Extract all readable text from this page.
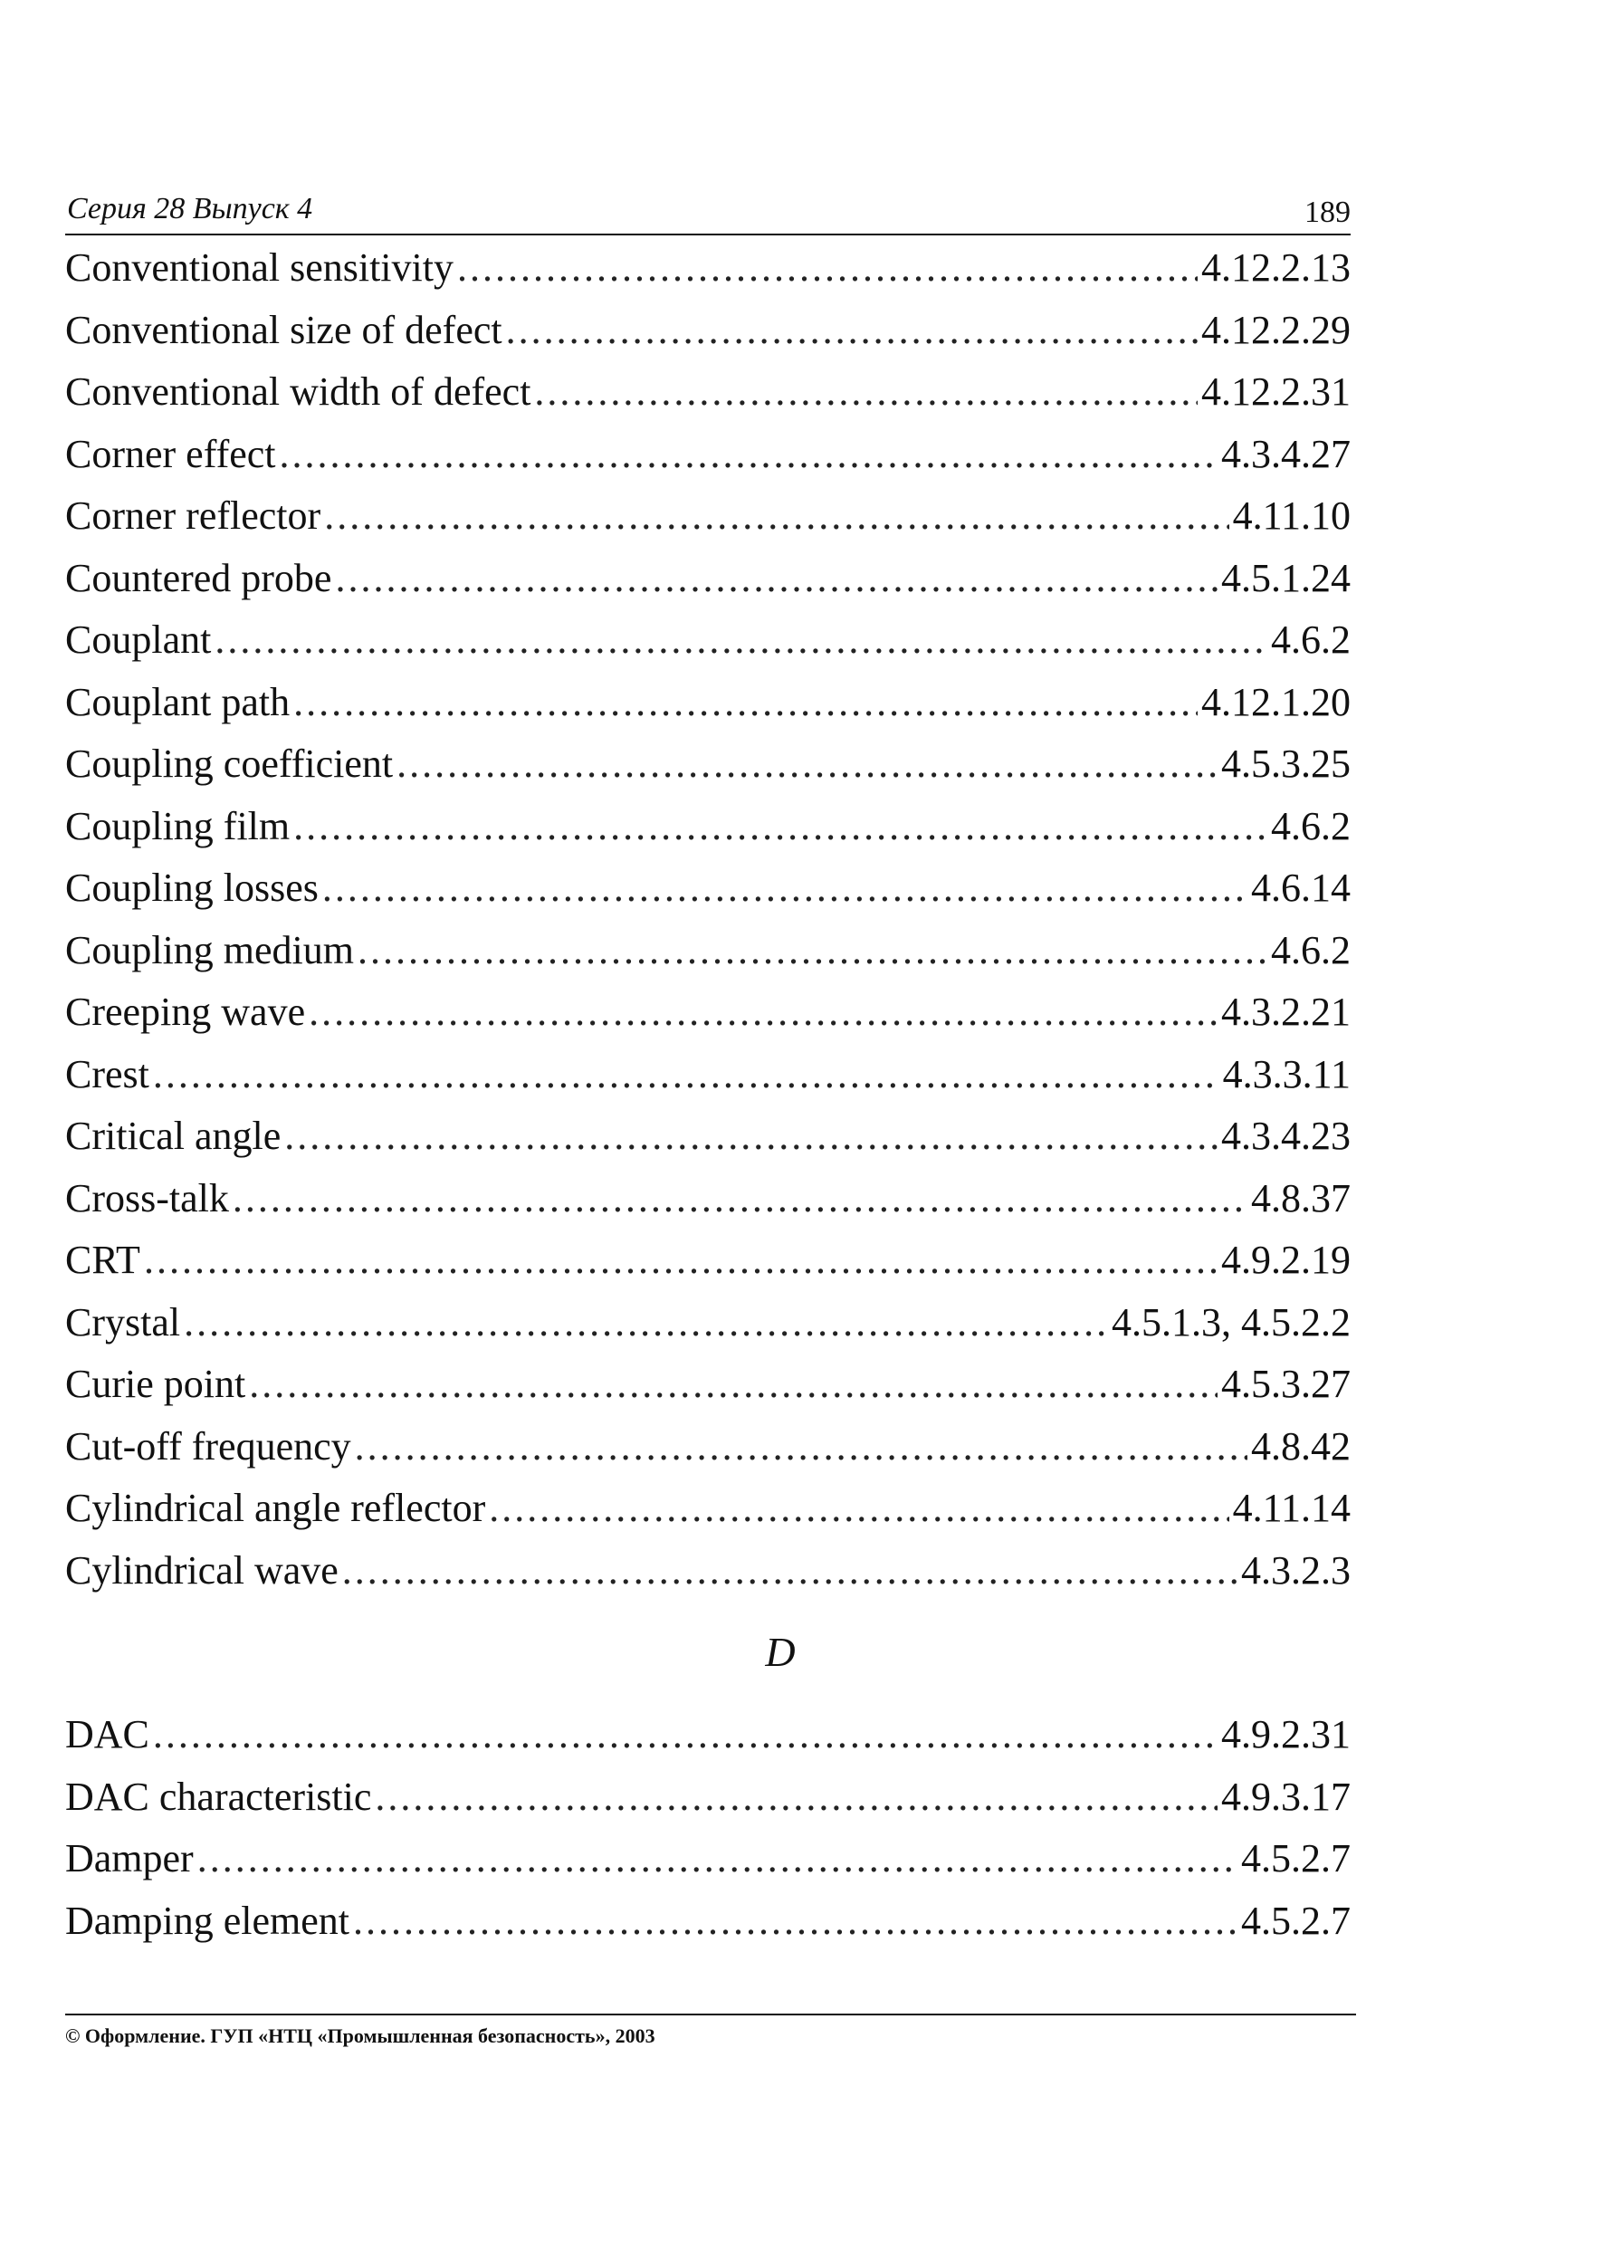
Серия 28 Выпуск 4	189
Conventional sensitivity .....	4.12.2.13
Conventional size of defect .....	4.12.2.29
Conventional width of defect .....	4.12.2.31
Corner effect .....	4.3.4.27
Corner reflector .....	4.11.10
Countered probe .....	4.5.1.24
Couplant .....	4.6.2
Couplant path .....	4.12.1.20
Coupling coefficient .....	4.5.3.25
Coupling film .....	4.6.2
Coupling losses .....	4.6.14
Coupling medium .....	4.6.2
Creeping wave .....	4.3.2.21
Crest .....	4.3.3.11
Critical angle .....	4.3.4.23
Cross-talk .....	4.8.37
CRT .....	4.9.2.19
Crystal .....	4.5.1.3, 4.5.2.2
Curie point .....	4.5.3.27
Cut-off frequency .....	4.8.42
Cylindrical angle reflector .....	4.11.14
Cylindrical wave .....	4.3.2.3
D
DAC .....	4.9.2.31
DAC characteristic .....	4.9.3.17
Damper .....	4.5.2.7
Damping element .....	4.5.2.7
© Оформление. ГУП «НТЦ «Промышленная безопасность», 2003
